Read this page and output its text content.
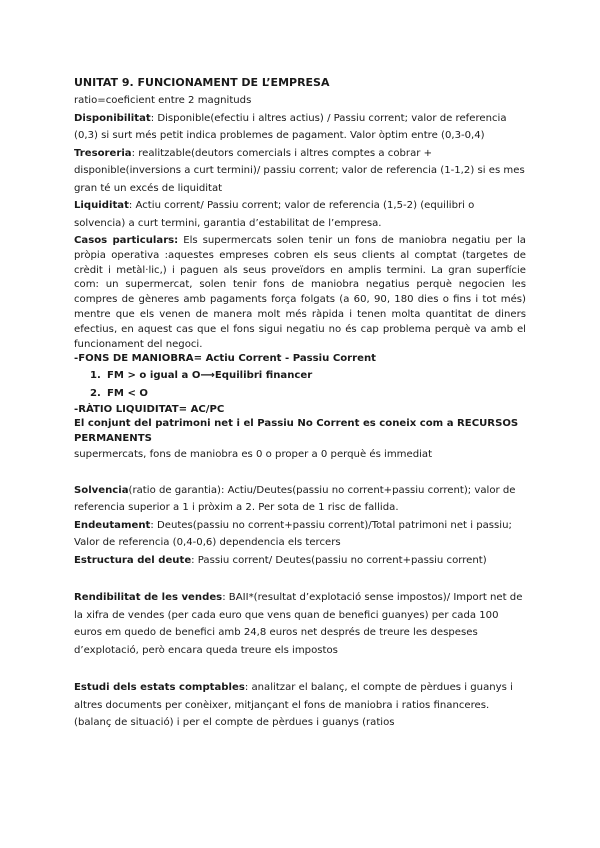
UNITAT 9. FUNCIONAMENT DE L’EMPRESA

ratio=coeficient entre 2 magnituds

Disponibilitat: Disponible(efectiu i altres actius) / Passiu corrent; valor de referencia (0,3) si surt més petit indica problemes de pagament. Valor òptim entre (0,3-0,4)

Tresoreria: realitzable(deutors comercials i altres comptes a cobrar + disponible(inversions a curt termini)/ passiu corrent; valor de referencia (1-1,2) si es mes gran té un excés de liquiditat

Liquiditat: Actiu corrent/ Passiu corrent; valor de referencia (1,5-2) (equilibri o solvencia) a curt termini, garantia d’estabilitat de l’empresa.

Casos particulars: Els supermercats solen tenir un fons de maniobra negatiu per la pròpia operativa :aquestes empreses cobren els seus clients al comptat (targetes de crèdit i metàl·lic,) i paguen als seus proveïdors en amplis termini. La gran superfície com: un supermercat, solen tenir fons de maniobra negatius perquè negocien les compres de gèneres amb pagaments força folgats (a 60, 90, 180 dies o fins i tot més) mentre que els venen de manera molt més ràpida i tenen molta quantitat de diners efectius, en aquest cas que el fons sigui negatiu no és cap problema perquè va amb el funcionament del negoci.

-FONS DE MANIOBRA= Actiu Corrent - Passiu Corrent

1. FM > o igual a O⟶Equilibri financer
2. FM < O

-RÀTIO LIQUIDITAT= AC/PC

El conjunt del patrimoni net i el Passiu No Corrent es coneix com a RECURSOS PERMANENTS

supermercats, fons de maniobra es 0 o proper a 0 perquè és immediat

Solvencia(ratio de garantia): Actiu/Deutes(passiu no corrent+passiu corrent); valor de referencia superior a 1 i pròxim a 2. Per sota de 1 risc de fallida.

Endeutament: Deutes(passiu no corrent+passiu corrent)/Total patrimoni net i passiu; Valor de referencia (0,4-0,6) dependencia els tercers

Estructura del deute: Passiu corrent/ Deutes(passiu no corrent+passiu corrent)

Rendibilitat de les vendes: BAII*(resultat d’explotació sense impostos)/ Import net de la xifra de vendes (per cada euro que vens quan de benefici guanyes) per cada 100 euros em quedo de benefici amb 24,8 euros net després de treure les despeses d’explotació, però encara queda treure els impostos

Estudi dels estats comptables: analitzar el balanç, el compte de pèrdues i guanys i altres documents per conèixer, mitjançant el fons de maniobra i ratios financeres.(balanç de situació) i per el compte de pèrdues i guanys (ratios
